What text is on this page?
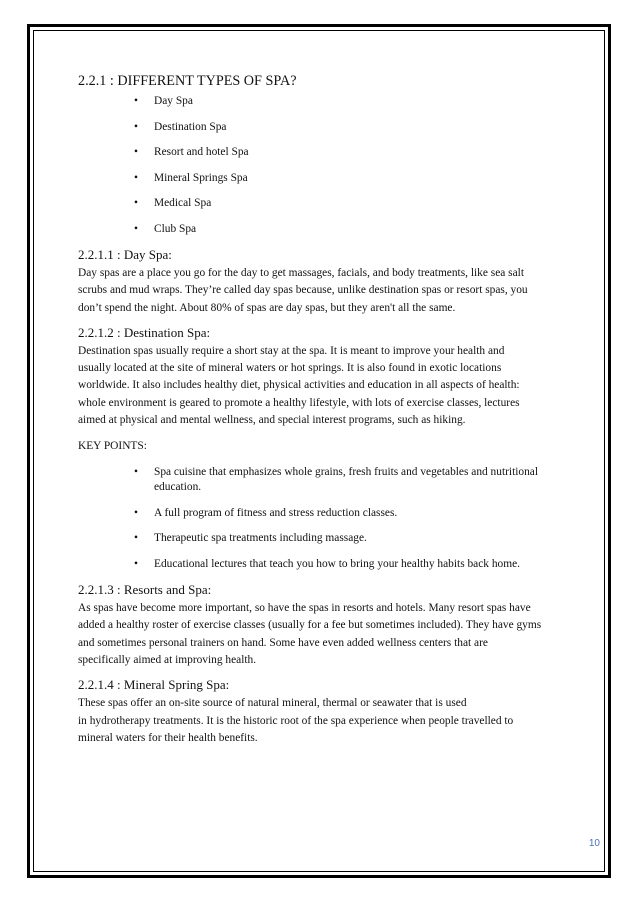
2.2.1 : DIFFERENT TYPES OF SPA?
• Day Spa
• Destination Spa
• Resort and hotel Spa
• Mineral Springs Spa
• Medical Spa
• Club Spa
2.2.1.1 : Day Spa:

Day spas are a place you go for the day to get massages, facials, and body treatments, like sea salt
scrubs and mud wraps. They’re called day spas because, unlike destination spas or resort spas, you
don’t spend the night. About 80% of spas are day spas, but they aren't all the same.

2.2.1.2 : Destination Spa:

Destination spas usually require a short stay at the spa. It is meant to improve your health and
usually located at the site of mineral waters or hot springs. It is also found in exotic locations
worldwide. It also includes healthy diet, physical activities and education in all aspects of health:
whole environment is geared to promote a healthy lifestyle, with lots of exercise classes, lectures
aimed at physical and mental wellness, and special interest programs, such as hiking.

KEY POINTS:

• Spa cuisine that emphasizes whole grains, fresh fruits and vegetables and nutritional
education.
• A full program of fitness and stress reduction classes.
• Therapeutic spa treatments including massage.
• Educational lectures that teach you how to bring your healthy habits back home.
2.2.1.3 : Resorts and Spa:

As spas have become more important, so have the spas in resorts and hotels. Many resort spas have
added a healthy roster of exercise classes (usually for a fee but sometimes included). They have gyms
and sometimes personal trainers on hand. Some have even added wellness centers that are
specifically aimed at improving health.

2.2.1.4 : Mineral Spring Spa:

These spas offer an on-site source of natural mineral, thermal or seawater that is used
in hydrotherapy treatments. It is the historic root of the spa experience when people travelled to
mineral waters for their health benefits.

10
